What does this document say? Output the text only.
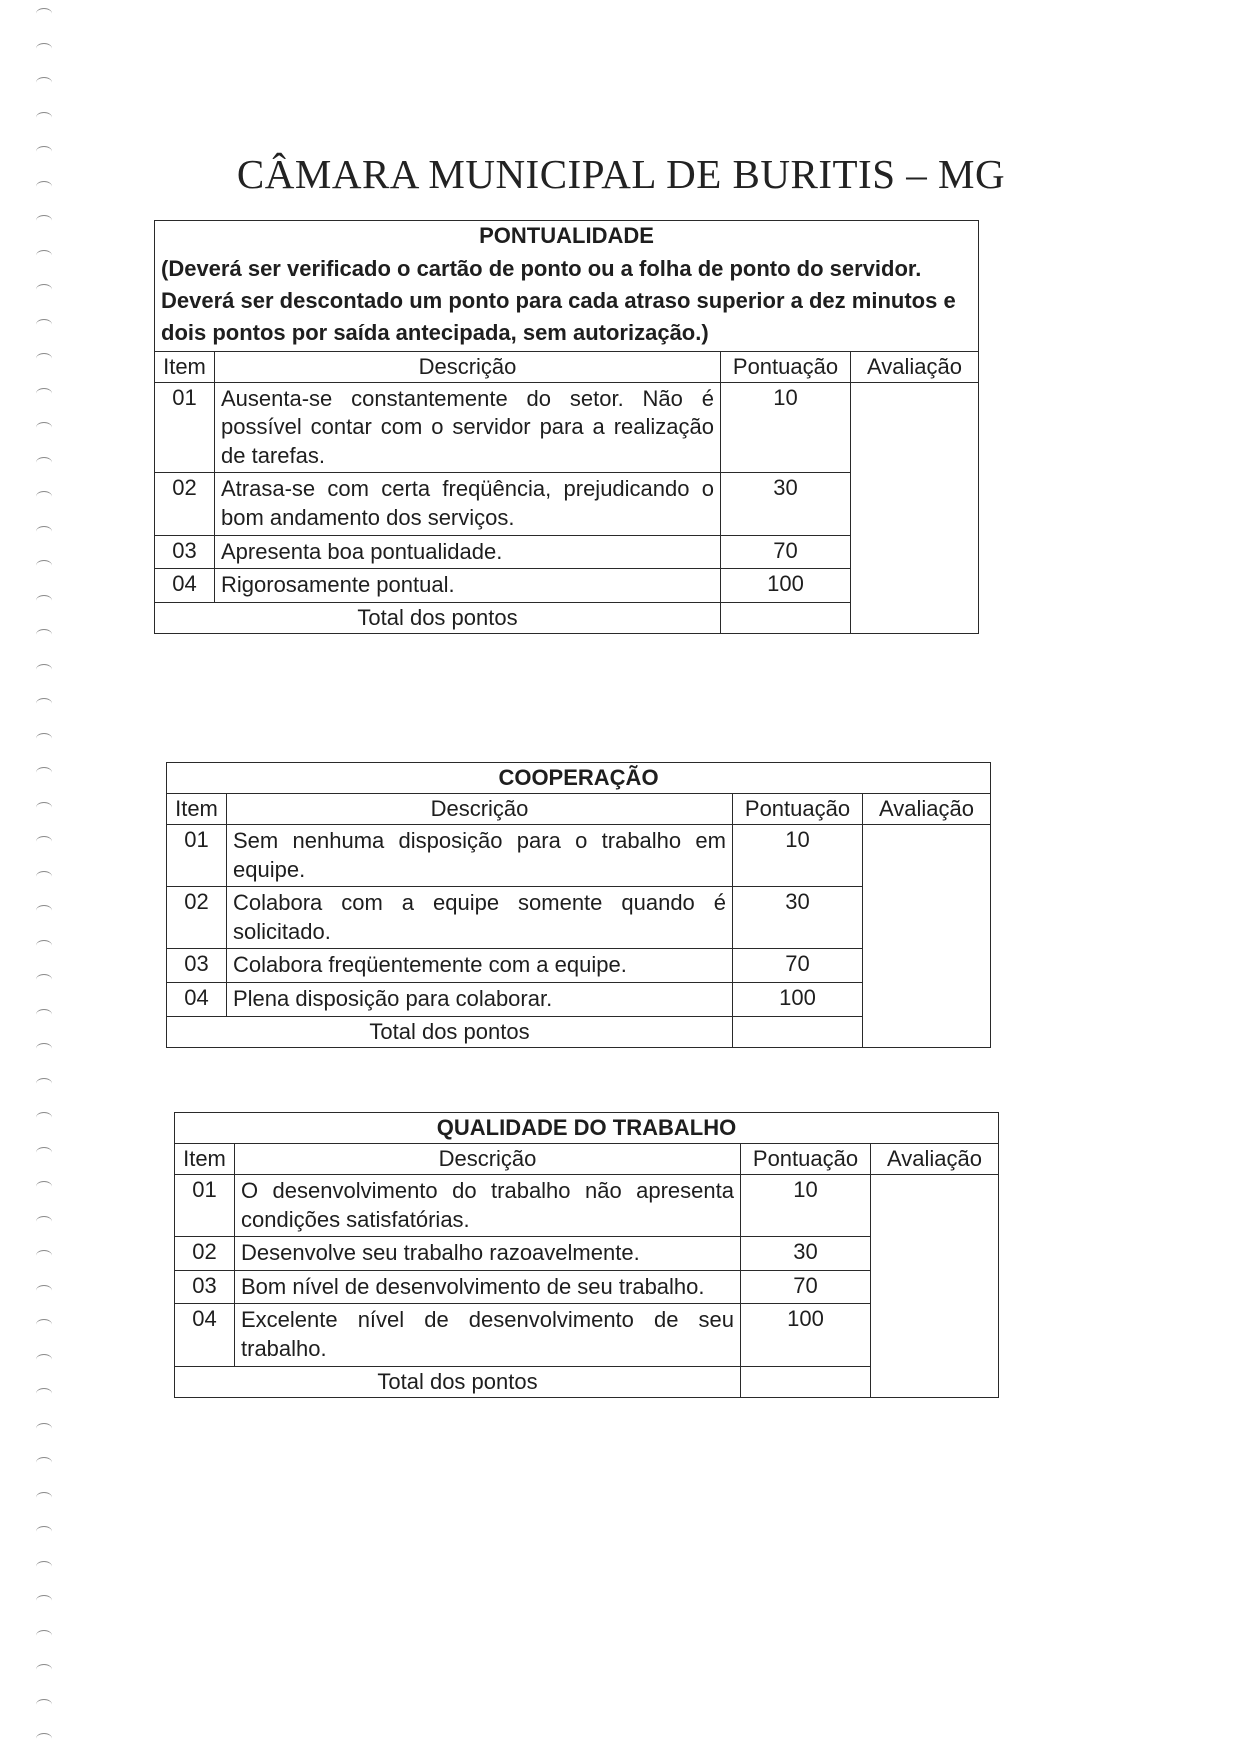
CÂMARA MUNICIPAL DE BURITIS – MG
PONTUALIDADE			

(Deverá ser verificado o cartão de ponto ou a folha de ponto do servidor.
Deverá ser descontado um ponto para cada atraso superior a dez minutos e dois pontos por saída antecipada, sem autorização.)			

Item	Descrição	Pontuação	Avaliação
01	Ausenta-se constantemente do setor. Não é possível contar com o servidor para a realização de tarefas.	10	
02	Atrasa-se com certa freqüência, prejudicando o bom andamento dos serviços.	30	
03	Apresenta boa pontualidade.	70	
04	Rigorosamente pontual.	100	
Total dos pontos			
COOPERAÇÃO			
Item	Descrição	Pontuação	Avaliação
01	Sem nenhuma disposição para o trabalho em equipe.	10	
02	Colabora com a equipe somente quando é solicitado.	30	
03	Colabora freqüentemente com a equipe.	70	
04	Plena disposição para colaborar.	100	
Total dos pontos			
QUALIDADE DO TRABALHO			
Item	Descrição	Pontuação	Avaliação
01	O desenvolvimento do trabalho não apresenta condições satisfatórias.	10	
02	Desenvolve seu trabalho razoavelmente.	30	
03	Bom nível de desenvolvimento de seu trabalho.	70	
04	Excelente nível de desenvolvimento de seu trabalho.	100	
Total dos pontos			
